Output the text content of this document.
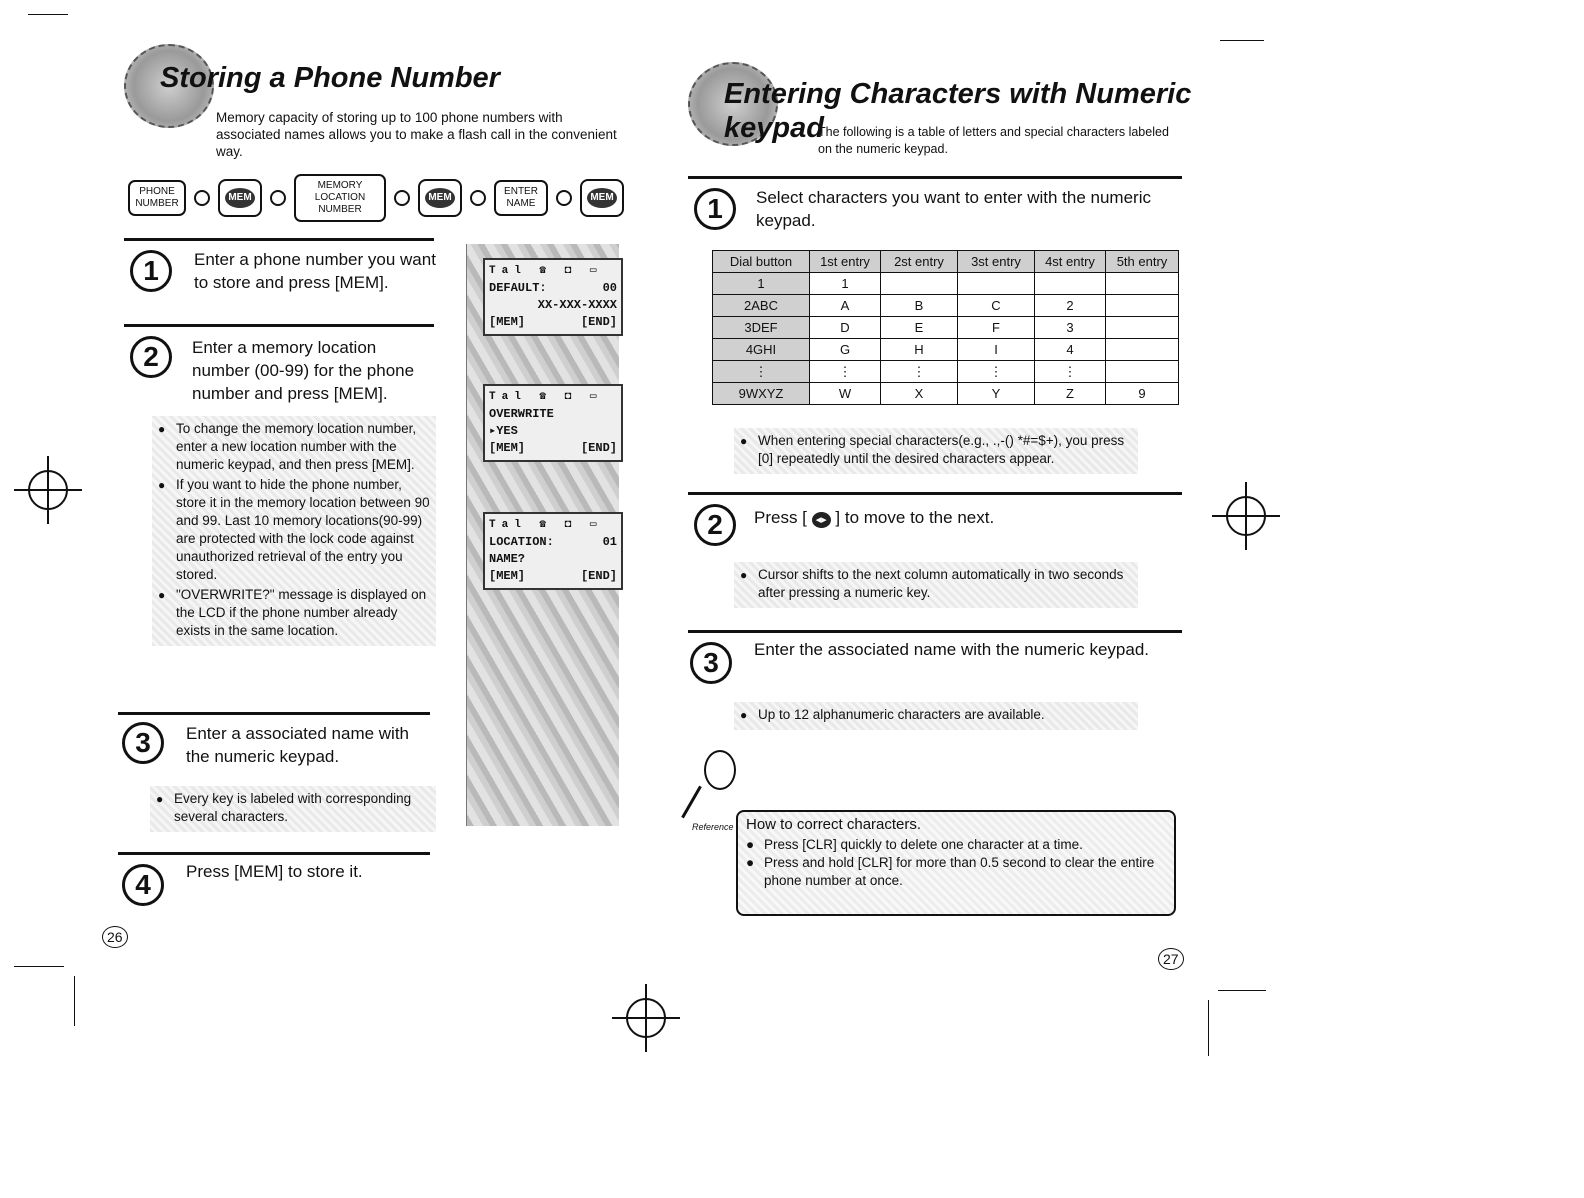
Storing a Phone Number
Memory capacity of storing up to 100 phone numbers with associated names allows you to make a flash call in the convenient way.
PHONE NUMBER
MEM
MEMORY LOCATION NUMBER
MEM
ENTER NAME
MEM
1	Enter a phone number you want to store and press [MEM].
2	Enter a memory location number (00-99) for the phone number and press [MEM].
● To change the memory location number, enter a new location number with the numeric keypad, and then press [MEM].
● If you want to hide the phone number, store it in the memory location between 90 and 99. Last 10 memory locations(90-99) are protected with the lock code against unauthorized retrieval of the entry you stored.
● "OVERWRITE?" message is displayed on the LCD if the phone number already exists in the same location.
3	Enter a associated name with the numeric keypad.
● Every key is labeled with corresponding several characters.
4	Press [MEM] to store it.
26
Tal ☎ ◘ ▭
DEFAULT:	00
XX-XXX-XXXX
[MEM]	[END]
Tal ☎ ◘ ▭
OVERWRITE
▸YES
[MEM]	[END]
Tal ☎ ◘ ▭
LOCATION:	01
NAME?
[MEM]	[END]
Entering Characters with Numeric
keypad
The following is a table of letters and special characters labeled on the numeric keypad.
1	Select characters you want to enter with the numeric keypad.
Dial button	1st entry	2st entry	3st entry	4st entry	5th entry
1	1				
2ABC	A	B	C	2	
3DEF	D	E	F	3	
4GHI	G	H	I	4	
⋮	⋮	⋮	⋮	⋮	
9WXYZ	W	X	Y	Z	9
● When entering special characters(e.g., .,-() *#=$+), you press [0] repeatedly until the desired characters appear.
2	Press [ ◂▸ ] to move to the next.
● Cursor shifts to the next column automatically in two seconds after pressing a numeric key.
3	Enter the associated name with the numeric keypad.
● Up to 12 alphanumeric characters are available.
Reference How to correct characters.
● Press [CLR] quickly to delete one character at a time.
● Press and hold [CLR] for more than 0.5 second to clear the entire phone number at once.
27
